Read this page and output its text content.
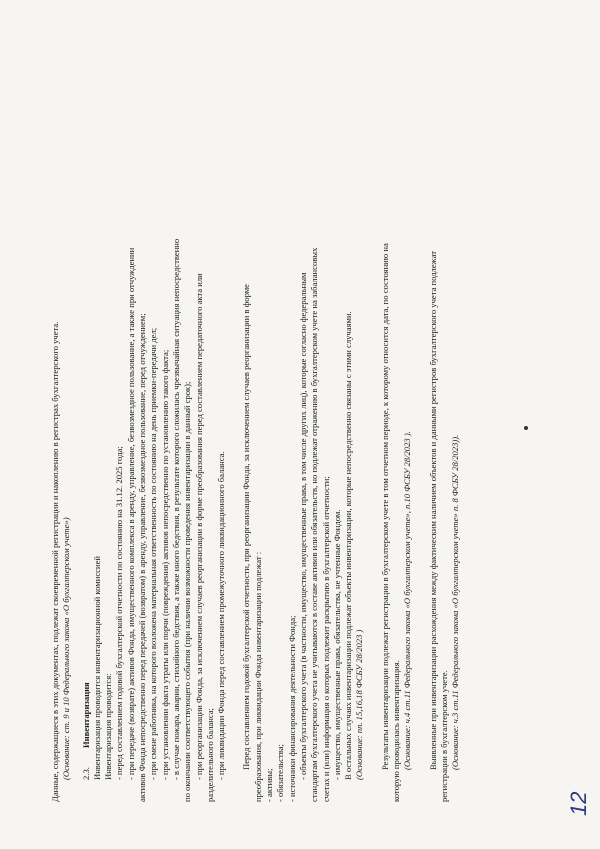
Данные, содержащиеся в этих документах, подлежат своевременной регистрации и накоплению в регистрах бухгалтерского учета. (Основание: ст. 9 и 10 Федерального закона «О бухгалтерском учете») 2.3.Инвентаризация Инвентаризация проводится инвентаризационной комиссией Инвентаризация проводится: - перед составлением годовой бухгалтерской отчетности по состоянию на 31.12. 2025 года; - при передаче (возврате) активов Фонда, имущественного комплекса в аренду, управление, безвозмездное пользование, а также при отчуждении активов Фонда непосредственно перед передачей (возвратом) в аренду, управление, безвозмездное пользование, перед отчуждением; - при смене работника, на которого возложена материальная ответственность по состоянию на день приемки-передачи дел; - при установлении факта утраты или порчи (повреждения) активов непосредственно по установлению такого факта; - в случае пожара, аварии, стихийного бедствия, а также иного бедствия, в результате которого сложилась чрезвычайная ситуация непосредственно по окончании соответствующего события (при наличии возможности проведения инвентаризации в данный срок); - при реорганизации Фонда, за исключением случаев реорганизации в форме преобразования перед составлением передаточного акта или разделительного баланса; - при ликвидации Фонда перед составлением промежуточного ликвидационного баланса. Перед составлением годовой бухгалтерской отчетности, при реорганизации Фонда, за исключением случаев реорганизации в форме преобразования, при ликвидации Фонда инвентаризации подлежат : - активы; - обязательства; - источники финансирования деятельности Фонда; - объекты бухгалтерского учета (в частности, имущество, имущественные права, в том числе других лиц), которые согласно федеральным стандартам бухгалтерского учета не учитываются в составе активов или обязательств, но подлежат отражению в бухгалтерском учете на забалансовых счетах и (или) информация о которых подлежит раскрытию в бухгалтерской отчетности; - имущество, имущественные права, обязательства, не учтенные Фондом. В остальных случаях инвентаризации подлежат объекты инвентаризации, которые непосредственно связаны с этими случаями. (Основание: пп. 15,16,18 ФСБУ 28/2023 ) Результаты инвентаризации подлежат регистрации в бухгалтерском учете в том отчетном периоде, к которому относится дата, по состоянию на которую проводилась инвентаризация. (Основание: ч.4 ст.11 Федерального закона «О бухгалтерском учете», п.10 ФСБУ 28/2023 ). Выявленные при инвентаризации расхождения между фактическим наличием объектов и данными регистров бухгалтерского учета подлежат регистрации в бухгалтерском учете. (Основание: ч.3 ст.11 Федерального закона «О бухгалтерском учете» п. 8 ФСБУ 28/2023)).

12
